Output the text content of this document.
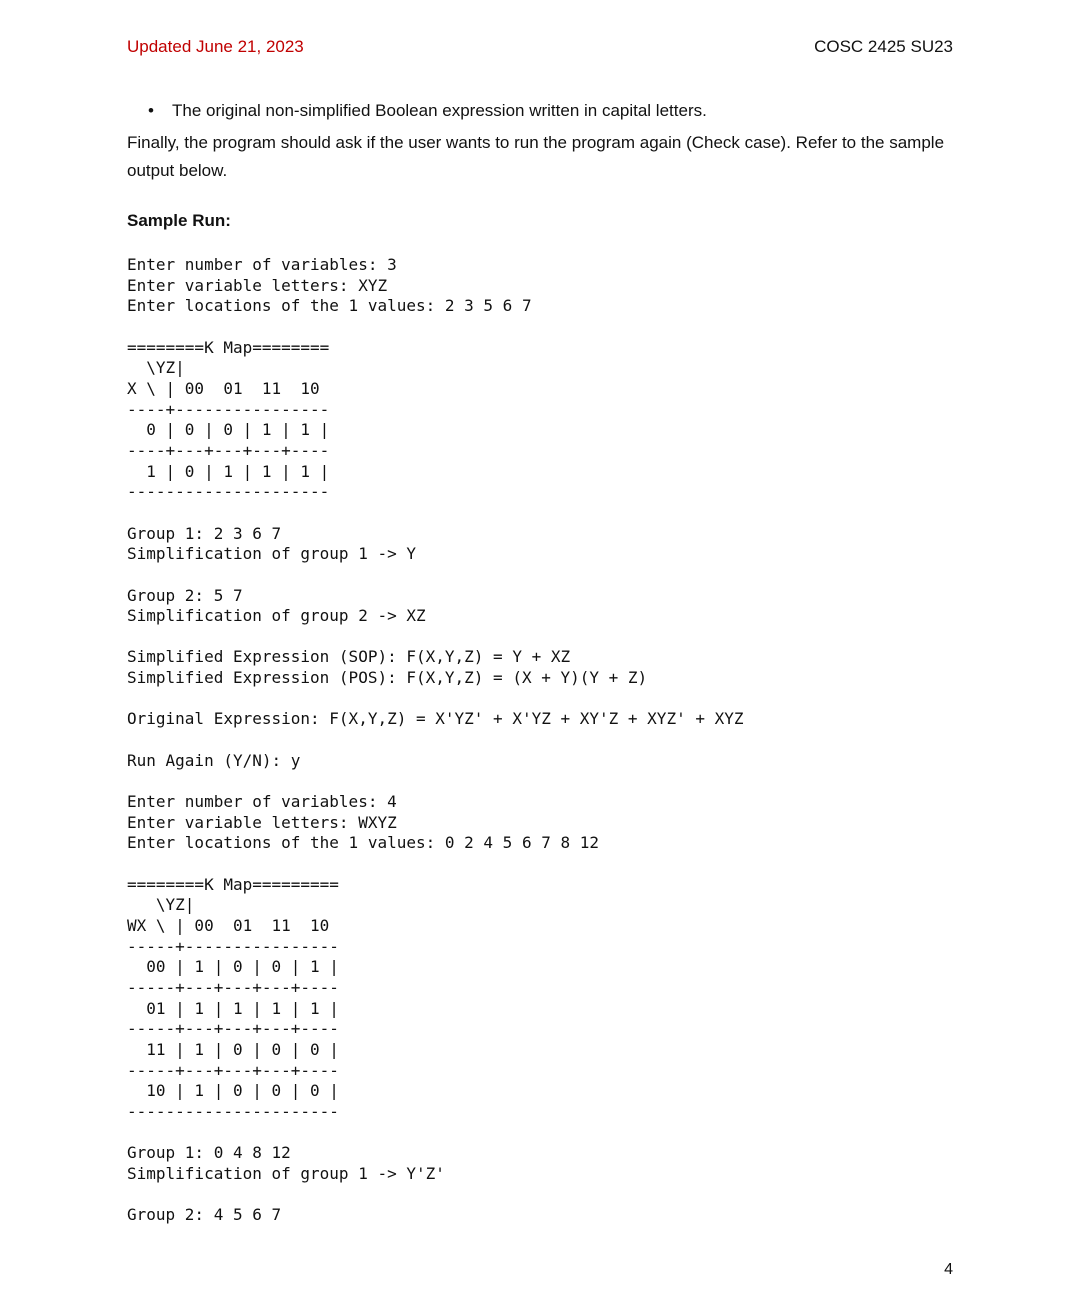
Updated June 21, 2023	COSC 2425 SU23
• The original non-simplified Boolean expression written in capital letters.
Finally, the program should ask if the user wants to run the program again (Check case). Refer to the sample output below.
Sample Run:
Enter number of variables: 3
Enter variable letters: XYZ
Enter locations of the 1 values: 2 3 5 6 7

========K Map========
\YZ|
X \ | 00  01  11  10
----+----------------
0 | 0 | 0 | 1 | 1 |
----+---+---+---+----
1 | 0 | 1 | 1 | 1 |
---------------------

Group 1: 2 3 6 7
Simplification of group 1 -> Y

Group 2: 5 7
Simplification of group 2 -> XZ

Simplified Expression (SOP): F(X,Y,Z) = Y + XZ
Simplified Expression (POS): F(X,Y,Z) = (X + Y)(Y + Z)

Original Expression: F(X,Y,Z) = X'YZ' + X'YZ + XY'Z + XYZ' + XYZ

Run Again (Y/N): y

Enter number of variables: 4
Enter variable letters: WXYZ
Enter locations of the 1 values: 0 2 4 5 6 7 8 12

========K Map=========
\YZ|
WX \ | 00  01  11  10
-----+----------------
00 | 1 | 0 | 0 | 1 |
-----+---+---+---+----
01 | 1 | 1 | 1 | 1 |
-----+---+---+---+----
11 | 1 | 0 | 0 | 0 |
-----+---+---+---+----
10 | 1 | 0 | 0 | 0 |
----------------------

Group 1: 0 4 8 12
Simplification of group 1 -> Y'Z'

Group 2: 4 5 6 7

4
